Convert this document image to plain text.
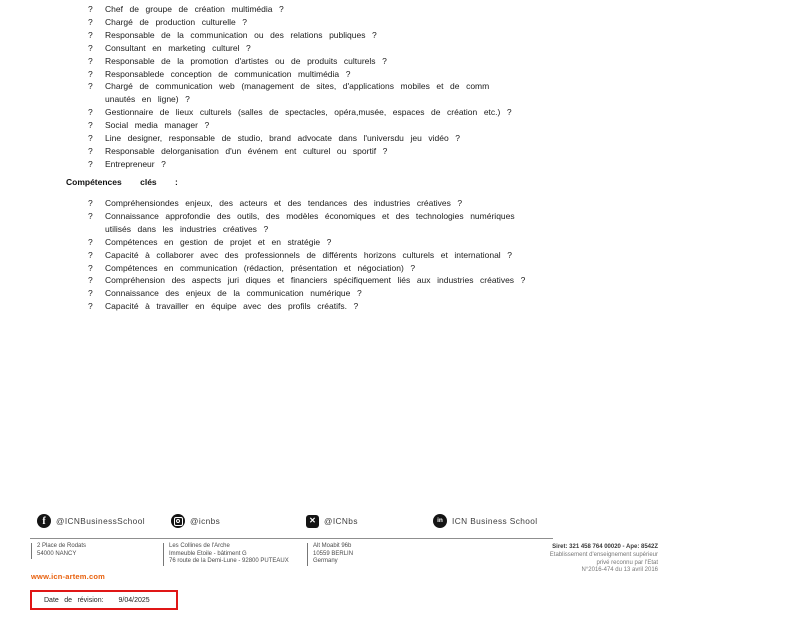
?	Chef de groupe de création multimédia ?
?	Chargé de production culturelle ?
?	Responsable de la communication ou des relations publiques ?
?	Consultant en marketing culturel ?
?	Responsable de la promotion d'artistes ou de produits culturels ?
?	Responsablede conception de communication multimédia ?
?	Chargé de communication web (management de sites, d'applications mobiles et de comm unautés en ligne) ?
?	Gestionnaire de lieux culturels (salles de spectacles, opéra,musée, espaces de création etc.) ?
?	Social media manager ?
?	Line designer, responsable de studio, brand advocate dans l'universdu jeu vidéo ?
?	Responsable delorganisation d'un événem ent culturel ou sportif ?
?	Entrepreneur ?
Compétences clés :
?	Compréhensiondes enjeux, des acteurs et des tendances des industries créatives ?
?	Connaissance approfondie des outils, des modèles économiques et des technologies numériques utilisés dans les industries créatives ?
?	Compétences en gestion de projet et en stratégie ?
?	Capacité à collaborer avec des professionnels de différents horizons culturels et international ?
?	Compétences en communication (rédaction, présentation et négociation) ?
?	Compréhension des aspects juri diques et financiers spécifiquement liés aux industries créatives ?
?	Connaissance des enjeux de la communication numérique ?
?	Capacité à travailler en équipe avec des profils créatifs. ?
f @ICNBusinessSchool	@icnbs	✕ @ICNbs	in ICN Business School
2 Place de Rodats
54000 NANCY
Les Collines de l'Arche
Immeuble Etoile - bâtiment G
76 route de la Demi-Lune - 92800 PUTEAUX
Alt Moabit 96b
10559 BERLIN
Germany
www.icn-artem.com
Siret: 321 458 764 00020 - Ape: 8542Z
Etablissement d'enseignement supérieur
privé reconnu par l'Etat
N°2016-474 du 13 avril 2016
Date de révision: 9/04/2025
